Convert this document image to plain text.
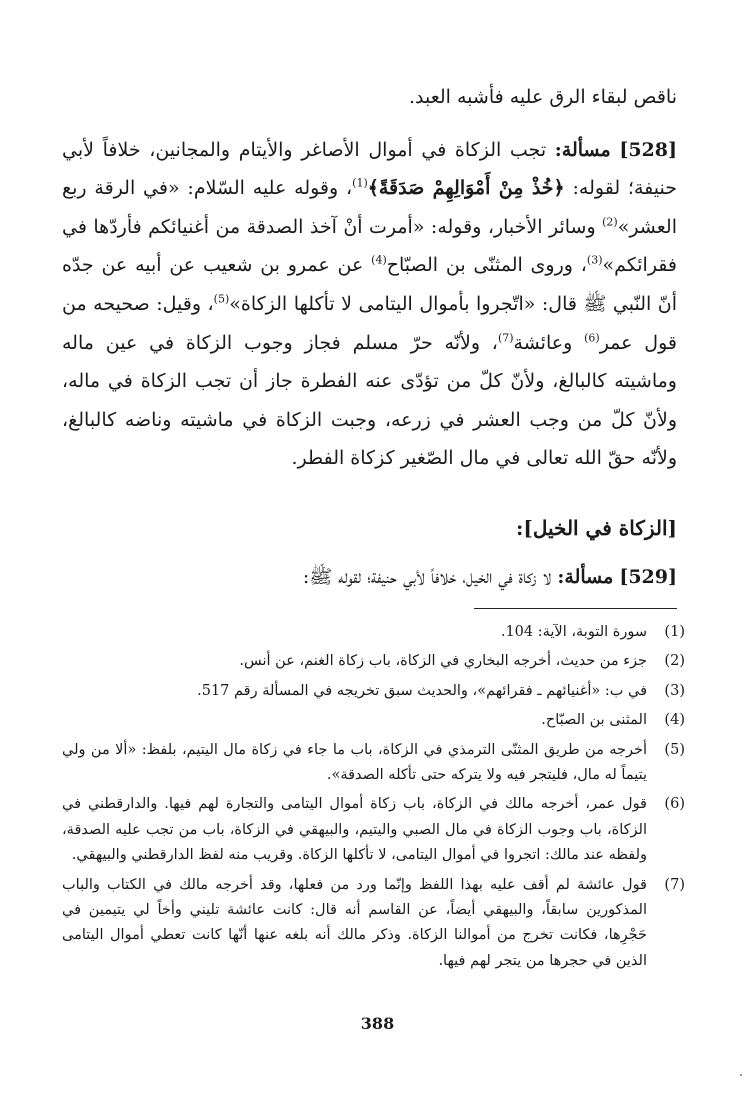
ناقص لبقاء الرق عليه فأشبه العبد.

[528] مسألة: تجب الزكاة في أموال الأصاغر والأيتام والمجانين، خلافاً لأبي حنيفة؛ لقوله: ﴿خُذْ مِنْ أَمْوَالِهِمْ صَدَقَةً﴾$^{(1)}$، وقوله عليه السّلام: «في الرقة ربع العشر»$^{(2)}$ وسائر الأخبار، وقوله: «أمرت أنْ آخذ الصدقة من أغنيائكم فأردّها في فقرائكم»$^{(3)}$، وروى المثنّى بن الصبّاح$^{(4)}$ عن عمرو بن شعيب عن أبيه عن جدّه أنّ النّبي ﷺ قال: «اتّجروا بأموال اليتامى لا تأكلها الزكاة»$^{(5)}$، وقيل: صحيحه من قول عمر$^{(6)}$ وعائشة$^{(7)}$، ولأنّه حرّ مسلم فجاز وجوب الزكاة في عين ماله وماشيته كالبالغ، ولأنّ كلّ من تؤدّى عنه الفطرة جاز أن تجب الزكاة في ماله، ولأنّ كلّ من وجب العشر في زرعه، وجبت الزكاة في ماشيته وناضه كالبالغ، ولأنّه حقّ الله تعالى في مال الصّغير كزكاة الفطر.

[الزكاة في الخيل]:

[529] مسألة: لا زكاة في الخيل، خلافاً لأبي حنيفة؛ لقوله ﷺ:

(1)
سورة التوبة، الآية: 104.
(2)
جزء من حديث، أخرجه البخاري في الزكاة، باب زكاة الغنم، عن أنس.
(3)
في ب: «أغنيائهم ـ فقرائهم»، والحديث سبق تخريجه في المسألة رقم 517.
(4)
المثنى بن الصبّاح.
(5)
أخرجه من طريق المثنّى الترمذي في الزكاة، باب ما جاء في زكاة مال اليتيم، بلفظ: «ألا من ولي يتيماً له مال، فليتجر فيه ولا يتركه حتى تأكله الصدقة».
(6)
قول عمر، أخرجه مالك في الزكاة، باب زكاة أموال اليتامى والتجارة لهم فيها. والدارقطني في الزكاة، باب وجوب الزكاة في مال الصبي واليتيم، والبيهقي في الزكاة، باب من تجب عليه الصدقة، ولفظه عند مالك: اتجروا في أموال اليتامى، لا تأكلها الزكاة. وقريب منه لفظ الدارقطني والبيهقي.
(7)
قول عائشة لم أقف عليه بهذا اللفظ وإنّما ورد من فعلها، وقد أخرجه مالك في الكتاب والباب المذكورين سابقاً، والبيهقي أيضاً، عن القاسم أنه قال: كانت عائشة تليني وأخاً لي يتيمين في حَجْرِها، فكانت تخرج من أموالنا الزكاة. وذكر مالك أنه بلغه عنها أنّها كانت تعطي أموال اليتامى الذين في حجرها من يتجر لهم فيها.
388
